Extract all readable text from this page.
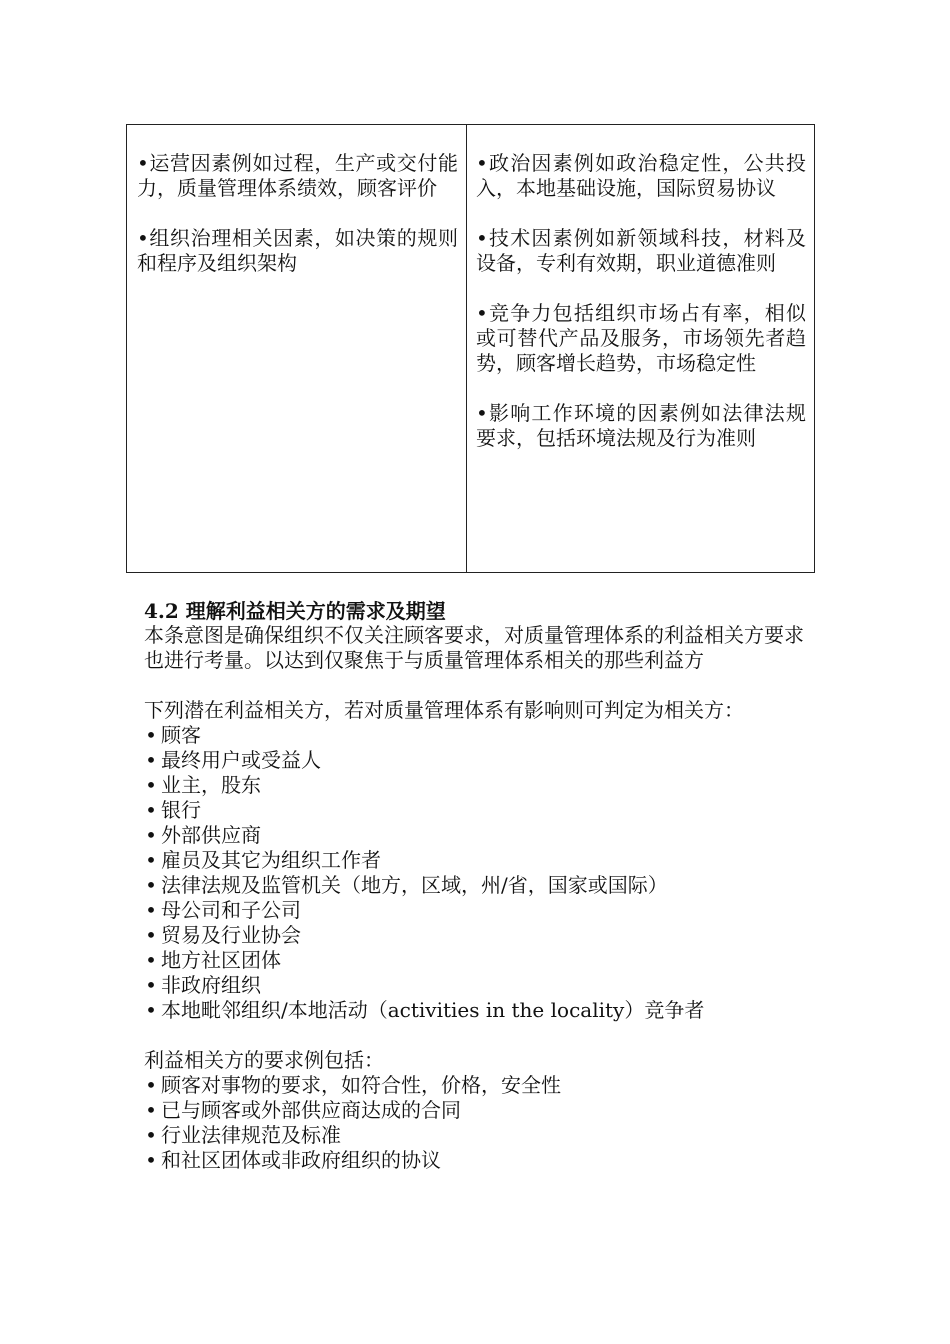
•运营因素例如过程，生产或交付能力，质量管理体系绩效，顾客评价

•组织治理相关因素，如决策的规则和程序及组织架构

•政治因素例如政治稳定性，公共投入，本地基础设施，国际贸易协议

•技术因素例如新领域科技，材料及设备，专利有效期，职业道德准则

•竞争力包括组织市场占有率，相似或可替代产品及服务，市场领先者趋势，顾客增长趋势，市场稳定性

•影响工作环境的因素例如法律法规要求，包括环境法规及行为准则

4.2 理解利益相关方的需求及期望

本条意图是确保组织不仅关注顾客要求，对质量管理体系的利益相关方要求也进行考量。以达到仅聚焦于与质量管理体系相关的那些利益方

下列潜在利益相关方，若对质量管理体系有影响则可判定为相关方：

• 顾客
• 最终用户或受益人
• 业主，股东
• 银行
• 外部供应商
• 雇员及其它为组织工作者
• 法律法规及监管机关（地方，区域，州/省，国家或国际）
• 母公司和子公司
• 贸易及行业协会
• 地方社区团体
• 非政府组织
• 本地毗邻组织/本地活动（activities in the locality）竞争者

利益相关方的要求例包括：

• 顾客对事物的要求，如符合性，价格，安全性
• 已与顾客或外部供应商达成的合同
• 行业法律规范及标准
• 和社区团体或非政府组织的协议
